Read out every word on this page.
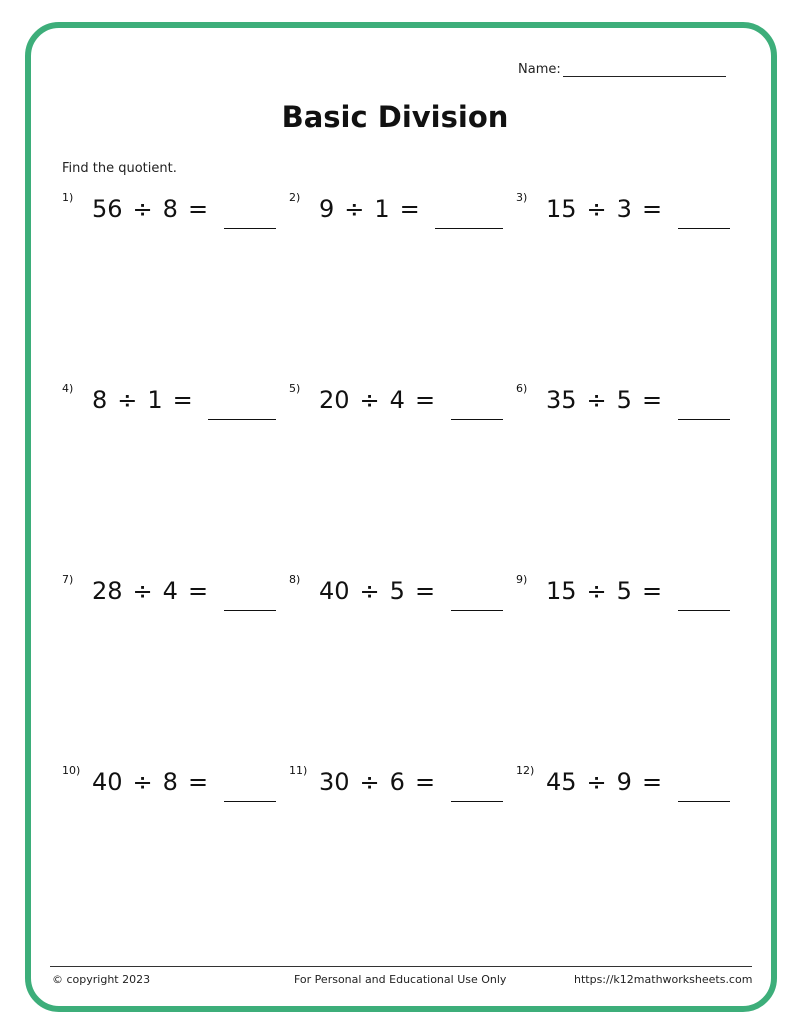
Name:
Basic Division
Find the quotient.
1) 56 ÷ 8 =	2) 9 ÷ 1 =	3) 15 ÷ 3 =
4) 8 ÷ 1 =	5) 20 ÷ 4 =	6) 35 ÷ 5 =
7) 28 ÷ 4 =	8) 40 ÷ 5 =	9) 15 ÷ 5 =
10) 40 ÷ 8 =	11) 30 ÷ 6 =	12) 45 ÷ 9 =
© copyright 2023	For Personal and Educational Use Only	https://k12mathworksheets.com
